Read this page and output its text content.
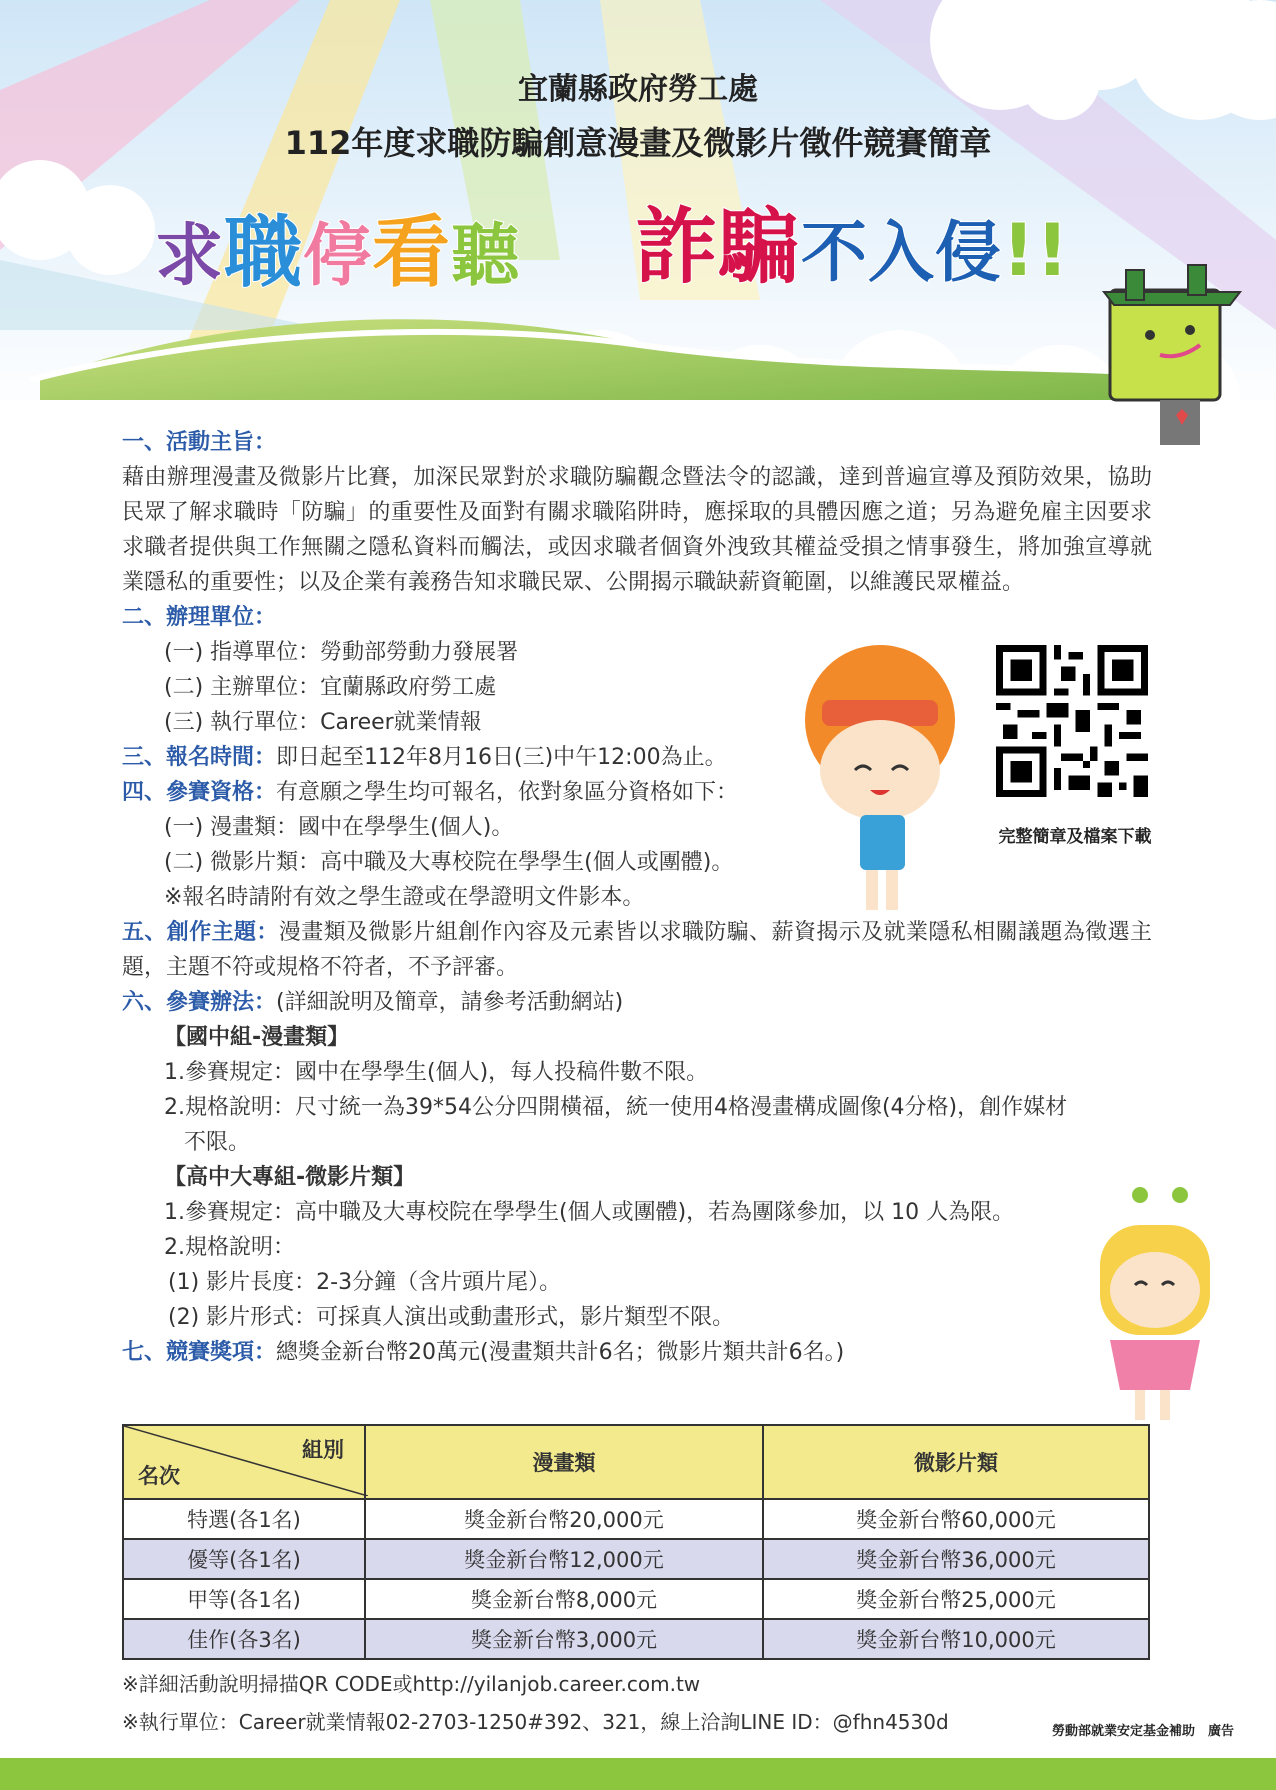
宜蘭縣政府勞工處
112年度求職防騙創意漫畫及微影片徵件競賽簡章
求職停看聽 詐騙不入侵!!
一、活動主旨：
藉由辦理漫畫及微影片比賽，加深民眾對於求職防騙觀念暨法令的認識，達到普遍宣導及預防效果，協助民眾了解求職時「防騙」的重要性及面對有關求職陷阱時，應採取的具體因應之道；另為避免雇主因要求求職者提供與工作無關之隱私資料而觸法，或因求職者個資外洩致其權益受損之情事發生，將加強宣導就業隱私的重要性；以及企業有義務告知求職民眾、公開揭示職缺薪資範圍，以維護民眾權益。
二、辦理單位：
(一) 指導單位：勞動部勞動力發展署
(二) 主辦單位：宜蘭縣政府勞工處
(三) 執行單位：Career就業情報
三、報名時間：即日起至112年8月16日(三)中午12:00為止。
四、參賽資格：有意願之學生均可報名，依對象區分資格如下：
(一) 漫畫類：國中在學學生(個人)。
(二) 微影片類：高中職及大專校院在學學生(個人或團體)。
※報名時請附有效之學生證或在學證明文件影本。
五、創作主題：漫畫類及微影片組創作內容及元素皆以求職防騙、薪資揭示及就業隱私相關議題為徵選主題，主題不符或規格不符者，不予評審。
六、參賽辦法：(詳細說明及簡章，請參考活動網站)
【國中組-漫畫類】
1.參賽規定：國中在學學生(個人)，每人投稿件數不限。
2.規格說明：尺寸統一為39*54公分四開橫福，統一使用4格漫畫構成圖像(4分格)，創作媒材
不限。
【高中大專組-微影片類】
1.參賽規定：高中職及大專校院在學學生(個人或團體)，若為團隊參加，以 10 人為限。
2.規格說明：
(1) 影片長度：2-3分鐘（含片頭片尾）。
(2) 影片形式：可採真人演出或動畫形式，影片類型不限。
七、競賽獎項：總獎金新台幣20萬元(漫畫類共計6名；微影片類共計6名。)
完整簡章及檔案下載
組別
名次	漫畫類	微影片類
特選(各1名)	獎金新台幣20,000元	獎金新台幣60,000元
優等(各1名)	獎金新台幣12,000元	獎金新台幣36,000元
甲等(各1名)	獎金新台幣8,000元	獎金新台幣25,000元
佳作(各3名)	獎金新台幣3,000元	獎金新台幣10,000元
※詳細活動說明掃描QR CODE或http://yilanjob.career.com.tw
※執行單位：Career就業情報02-2703-1250#392、321，線上洽詢LINE ID：@fhn4530d	勞動部就業安定基金補助　廣告
